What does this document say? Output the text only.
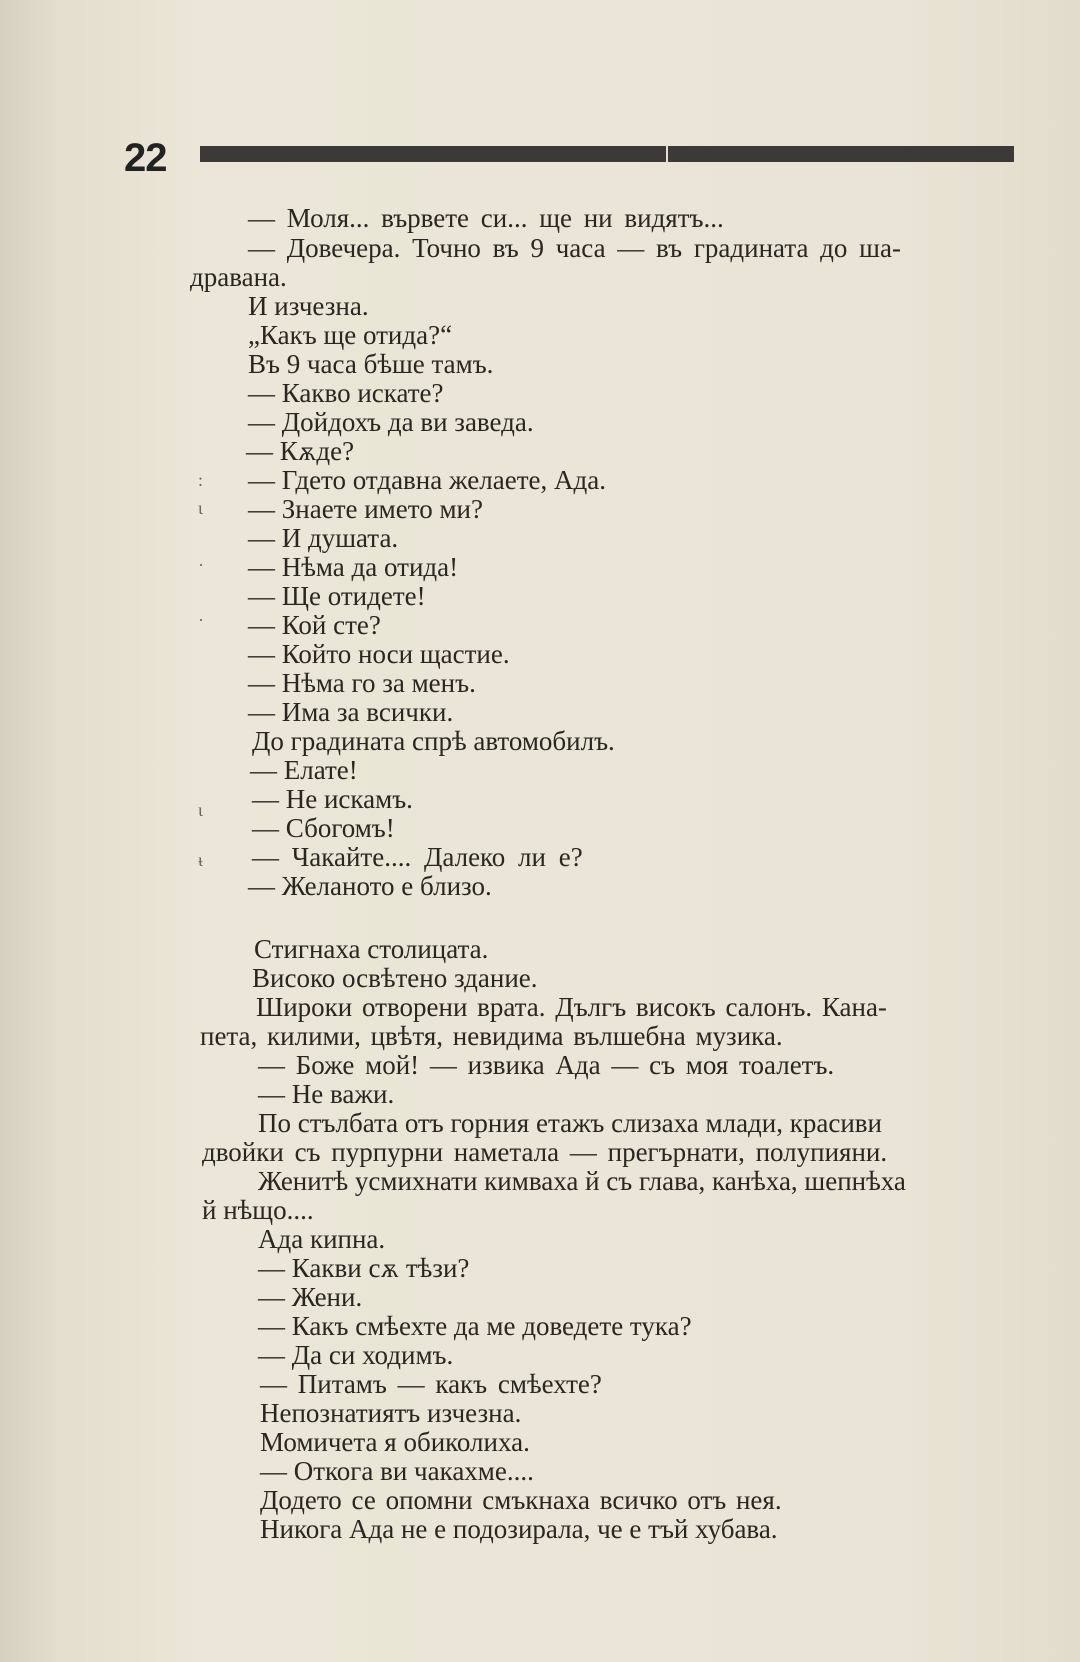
22
:
ι
·
·
ι
ᵼ
— Моля... вървете си... ще ни видятъ...
— Довечера. Точно въ 9 часа — въ градината до ша-
дравана.
И изчезна.
„Какъ ще отида?“
Въ 9 часа бѣше тамъ.
— Какво искате?
— Дойдохъ да ви заведа.
— Кѫде?
— Гдето отдавна желаете, Ада.
— Знаете името ми?
— И душата.
— Нѣма да отида!
— Ще отидете!
— Кой сте?
— Който носи щастие.
— Нѣма го за менъ.
— Има за всички.
До градината спрѣ автомобилъ.
— Елате!
— Не искамъ.
— Сбогомъ!
— Чакайте.... Далеко ли е?
— Желаното е близо.
Стигнаха столицата.
Високо освѣтено здание.
Широки отворени врата. Дългъ високъ салонъ. Кана-
пета, килими, цвѣтя, невидима вълшебна музика.
— Боже мой! — извика Ада — съ моя тоалетъ.
— Не важи.
По стълбата отъ горния етажъ слизаха млади, красиви
двойки съ пурпурни наметала — прегърнати, полупияни.
Женитѣ усмихнати кимваха й съ глава, канѣха, шепнѣха
й нѣщо....
Ада кипна.
— Какви сѫ тѣзи?
— Жени.
— Какъ смѣехте да ме доведете тука?
— Да си ходимъ.
— Питамъ — какъ смѣехте?
Непознатиятъ изчезна.
Момичета я обиколиха.
— Откога ви чакахме....
Додето се опомни смъкнаха всичко отъ нея.
Никога Ада не е подозирала, че е тъй хубава.
